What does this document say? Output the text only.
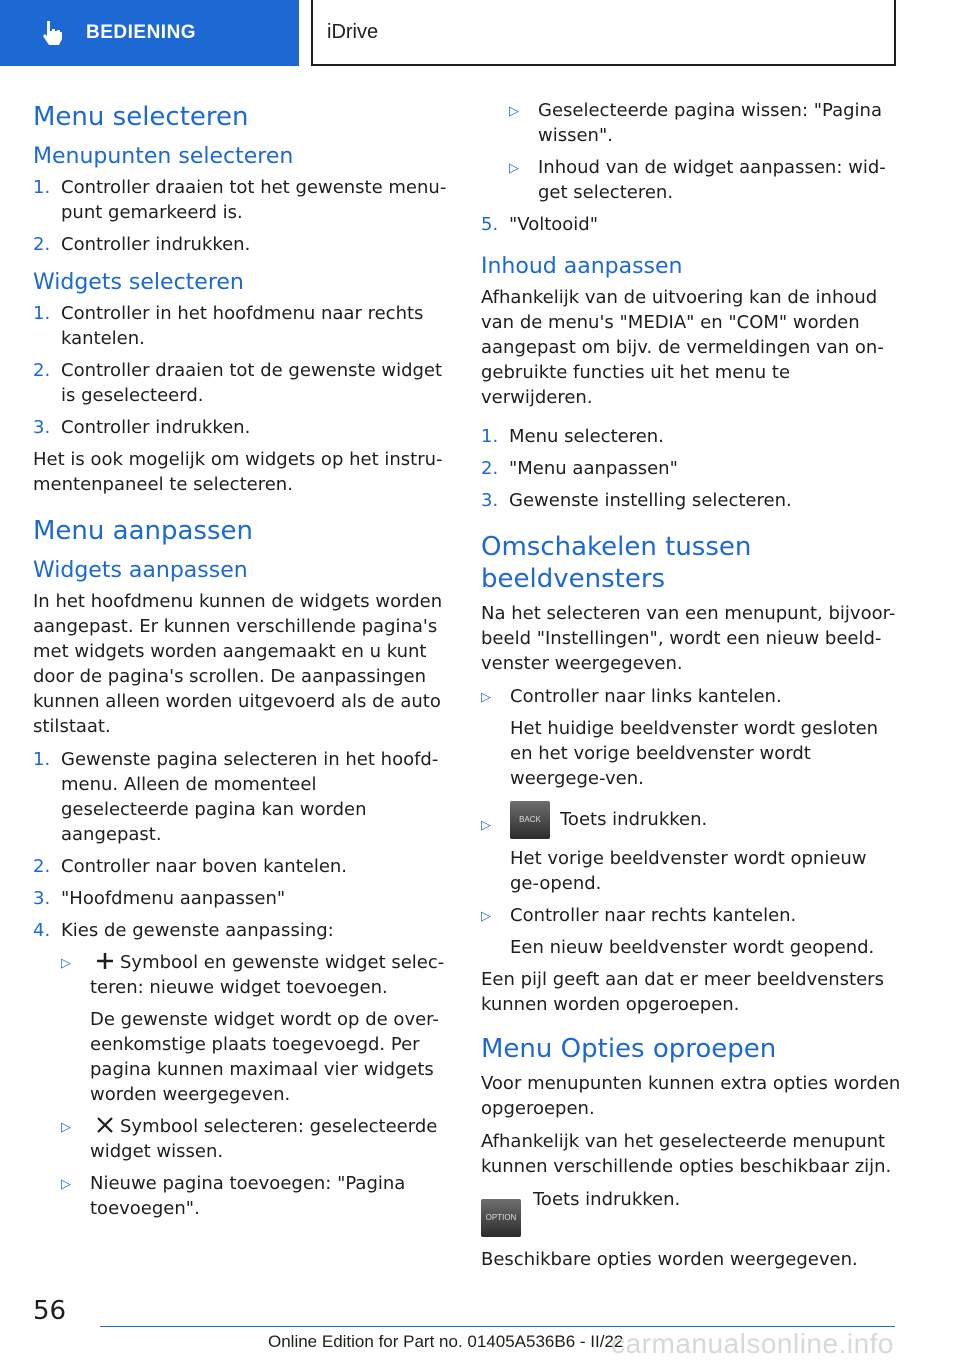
BEDIENING	iDrive
Menu selecteren
Menupunten selecteren
1. Controller draaien tot het gewenste menu-punt gemarkeerd is.
2. Controller indrukken.
Widgets selecteren
1. Controller in het hoofdmenu naar rechts kantelen.
2. Controller draaien tot de gewenste widget is geselecteerd.
3. Controller indrukken.

Het is ook mogelijk om widgets op het instru-mentenpaneel te selecteren.

Menu aanpassen
Widgets aanpassen

In het hoofdmenu kunnen de widgets worden aangepast. Er kunnen verschillende pagina's met widgets worden aangemaakt en u kunt door de pagina's scrollen. De aanpassingen kunnen alleen worden uitgevoerd als de auto stilstaat.

1. Gewenste pagina selecteren in het hoofd-menu. Alleen de momenteel geselecteerde pagina kan worden aangepast.
2. Controller naar boven kantelen.
3. "Hoofdmenu aanpassen"
4. Kies de gewenste aanpassing:
▷	Symbool en gewenste widget selec-teren: nieuwe widget toevoegen.
De gewenste widget wordt op de over-eenkomstige plaats toegevoegd. Per pagina kunnen maximaal vier widgets worden weergegeven.
▷	Symbool selecteren: geselecteerde widget wissen.
▷	Nieuwe pagina toevoegen: "Pagina toevoegen".
▷	Geselecteerde pagina wissen: "Pagina wissen".
▷	Inhoud van de widget aanpassen: wid-get selecteren.
5. "Voltooid"
Inhoud aanpassen

Afhankelijk van de uitvoering kan de inhoud van de menu's "MEDIA" en "COM" worden aangepast om bijv. de vermeldingen van on-gebruikte functies uit het menu te verwijderen.

1. Menu selecteren.
2. "Menu aanpassen"
3. Gewenste instelling selecteren.
Omschakelen tussen beeldvensters

Na het selecteren van een menupunt, bijvoor-beeld "Instellingen", wordt een nieuw beeld-venster weergegeven.

▷	Controller naar links kantelen.
Het huidige beeldvenster wordt gesloten en het vorige beeldvenster wordt weergege-ven.
▷	BACK Toets indrukken.
Het vorige beeldvenster wordt opnieuw ge-opend.
▷	Controller naar rechts kantelen.
Een nieuw beeldvenster wordt geopend.

Een pijl geeft aan dat er meer beeldvensters kunnen worden opgeroepen.

Menu Opties oproepen

Voor menupunten kunnen extra opties worden opgeroepen.

Afhankelijk van het geselecteerde menupunt kunnen verschillende opties beschikbaar zijn.

OPTION
Toets indrukken.

Beschikbare opties worden weergegeven.

56
Online Edition for Part no. 01405A536B6 - II/22
carmanualsonline.info
